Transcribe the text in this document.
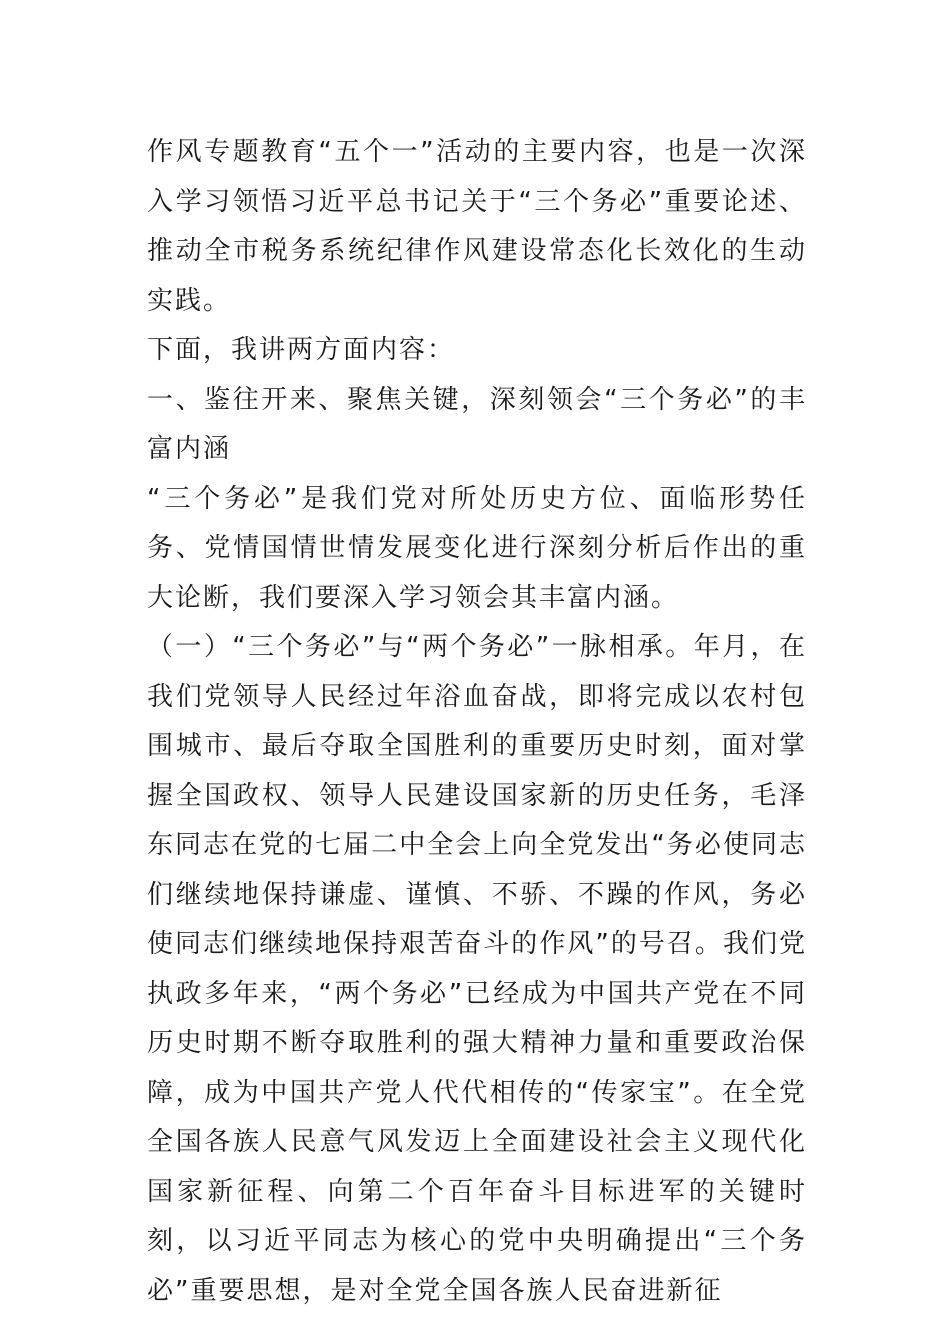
作风专题教育“五个一”活动的主要内容，也是一次深入学习领悟习近平总书记关于“三个务必”重要论述、推动全市税务系统纪律作风建设常态化长效化的生动实践。

下面，我讲两方面内容：

一、鉴往开来、聚焦关键，深刻领会“三个务必”的丰富内涵

“三个务必”是我们党对所处历史方位、面临形势任务、党情国情世情发展变化进行深刻分析后作出的重大论断，我们要深入学习领会其丰富内涵。

（一）“三个务必”与“两个务必”一脉相承。年月，在我们党领导人民经过年浴血奋战，即将完成以农村包围城市、最后夺取全国胜利的重要历史时刻，面对掌握全国政权、领导人民建设国家新的历史任务，毛泽东同志在党的七届二中全会上向全党发出“务必使同志们继续地保持谦虚、谨慎、不骄、不躁的作风，务必使同志们继续地保持艰苦奋斗的作风”的号召。我们党执政多年来，“两个务必”已经成为中国共产党在不同历史时期不断夺取胜利的强大精神力量和重要政治保障，成为中国共产党人代代相传的“传家宝”。在全党全国各族人民意气风发迈上全面建设社会主义现代化国家新征程、向第二个百年奋斗目标进军的关键时刻，以习近平同志为核心的党中央明确提出“三个务必”重要思想，是对全党全国各族人民奋进新征
